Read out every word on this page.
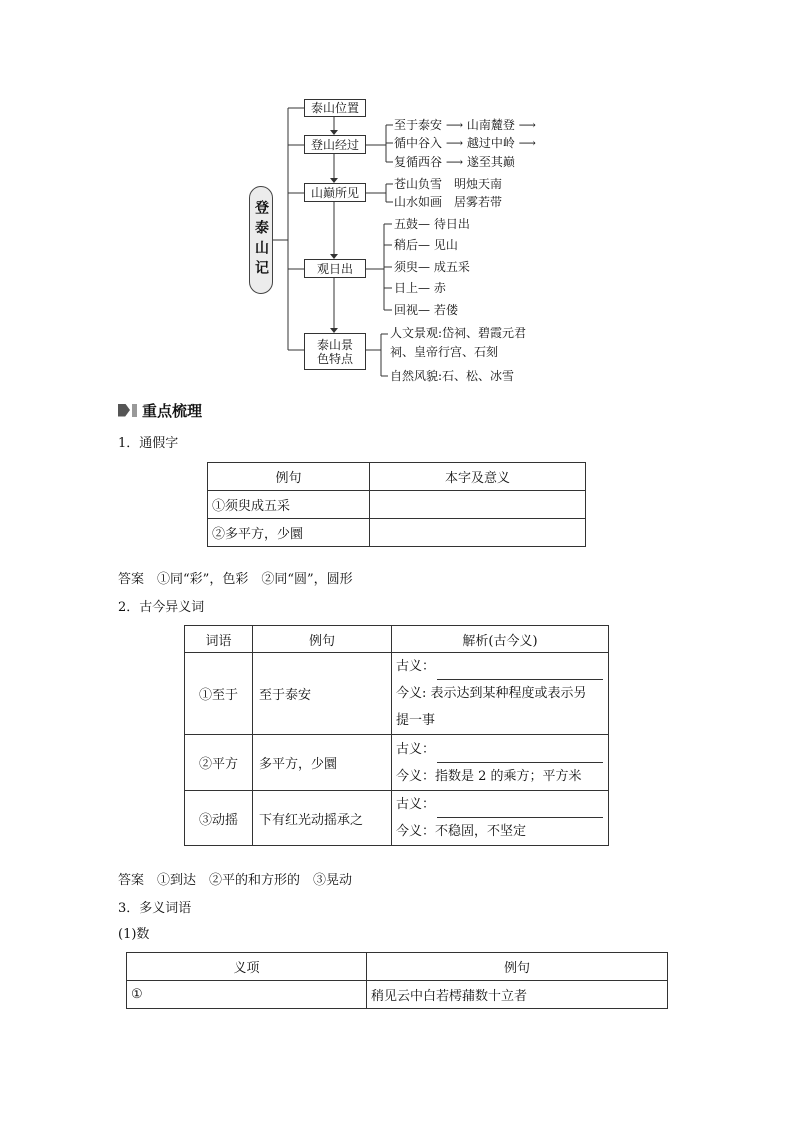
登泰山记
泰山位置
登山经过
山巅所见
观日出
泰山景色特点
至于泰安 ⟶ 山南麓登 ⟶
循中谷入 ⟶ 越过中岭 ⟶
复循西谷 ⟶ 遂至其巅
苍山负雪　明烛天南
山水如画　居雾若带
五鼓— 待日出
稍后— 见山
须臾— 成五采
日上— 赤
回视— 若偻
人文景观:岱祠、碧霞元君
祠、皇帝行宫、石刻
自然风貌:石、松、冰雪
重点梳理
1．通假字
例句	本字及意义
①须臾成五采	
②多平方，少圜	
答案　 ①同“彩”，色彩　②同“圆”，圆形
2．古今异义词
词语	例句	解析(古今义)
①至于	至于泰安	古义：
今义: 表示达到某种程度或表示另
提一事

②平方	多平方，少圜	古义：
今义：指数是 2 的乘方；平方米

③动摇	下有红光动摇承之	古义：
今义：不稳固，不坚定
答案　 ①到达　②平的和方形的　③晃动
3．多义词语
(1)数
义项	例句
①	稍见云中白若樗蒱数十立者
